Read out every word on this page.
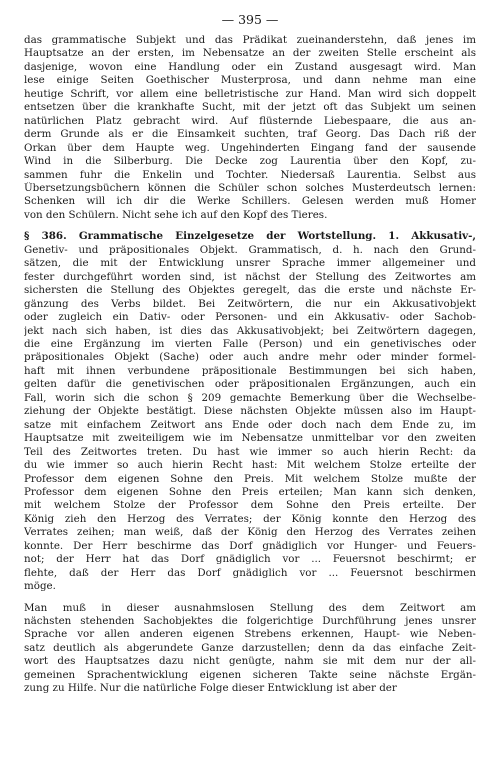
— 395 —
das grammatische Subjekt und das Prädikat zueinanderstehn, daß jenes im
Hauptsatze an der ersten, im Nebensatze an der zweiten Stelle erscheint als
dasjenige, wovon eine Handlung oder ein Zustand ausgesagt wird. Man
lese einige Seiten Goethischer Musterprosa, und dann nehme man eine
heutige Schrift, vor allem eine belletristische zur Hand. Man wird sich doppelt
entsetzen über die krankhafte Sucht, mit der jetzt oft das Subjekt um seinen
natürlichen Platz gebracht wird. Auf flüsternde Liebespaare, die aus an-
derm Grunde als er die Einsamkeit suchten, traf Georg. Das Dach riß der
Orkan über dem Haupte weg. Ungehinderten Eingang fand der sausende
Wind in die Silberburg. Die Decke zog Laurentia über den Kopf, zu-
sammen fuhr die Enkelin und Tochter. Niedersaß Laurentia. Selbst aus
Übersetzungsbüchern können die Schüler schon solches Musterdeutsch lernen:
Schenken will ich dir die Werke Schillers. Gelesen werden muß Homer
von den Schülern. Nicht sehe ich auf den Kopf des Tieres.
§ 386. Grammatische Einzelgesetze der Wortstellung. 1. Akkusativ-,
Genetiv- und präpositionales Objekt. Grammatisch, d. h. nach den Grund-
sätzen, die mit der Entwicklung unsrer Sprache immer allgemeiner und
fester durchgeführt worden sind, ist nächst der Stellung des Zeitwortes am
sichersten die Stellung des Objektes geregelt, das die erste und nächste Er-
gänzung des Verbs bildet. Bei Zeitwörtern, die nur ein Akkusativobjekt
oder zugleich ein Dativ- oder Personen- und ein Akkusativ- oder Sachob-
jekt nach sich haben, ist dies das Akkusativobjekt; bei Zeitwörtern dagegen,
die eine Ergänzung im vierten Falle (Person) und ein genetivisches oder
präpositionales Objekt (Sache) oder auch andre mehr oder minder formel-
haft mit ihnen verbundene präpositionale Bestimmungen bei sich haben,
gelten dafür die genetivischen oder präpositionalen Ergänzungen, auch ein
Fall, worin sich die schon § 209 gemachte Bemerkung über die Wechselbe-
ziehung der Objekte bestätigt. Diese nächsten Objekte müssen also im Haupt-
satze mit einfachem Zeitwort ans Ende oder doch nach dem Ende zu, im
Hauptsatze mit zweiteiligem wie im Nebensatze unmittelbar vor den zweiten
Teil des Zeitwortes treten. Du hast wie immer so auch hierin Recht: da
du wie immer so auch hierin Recht hast: Mit welchem Stolze erteilte der
Professor dem eigenen Sohne den Preis. Mit welchem Stolze mußte der
Professor dem eigenen Sohne den Preis erteilen; Man kann sich denken,
mit welchem Stolze der Professor dem Sohne den Preis erteilte. Der
König zieh den Herzog des Verrates; der König konnte den Herzog des
Verrates zeihen; man weiß, daß der König den Herzog des Verrates zeihen
konnte. Der Herr beschirme das Dorf gnädiglich vor Hunger- und Feuers-
not; der Herr hat das Dorf gnädiglich vor ... Feuersnot beschirmt; er
flehte, daß der Herr das Dorf gnädiglich vor ... Feuersnot beschirmen
möge.
Man muß in dieser ausnahmslosen Stellung des dem Zeitwort am
nächsten stehenden Sachobjektes die folgerichtige Durchführung jenes unsrer
Sprache vor allen anderen eigenen Strebens erkennen, Haupt- wie Neben-
satz deutlich als abgerundete Ganze darzustellen; denn da das einfache Zeit-
wort des Hauptsatzes dazu nicht genügte, nahm sie mit dem nur der all-
gemeinen Sprachentwicklung eigenen sicheren Takte seine nächste Ergän-
zung zu Hilfe. Nur die natürliche Folge dieser Entwicklung ist aber der
